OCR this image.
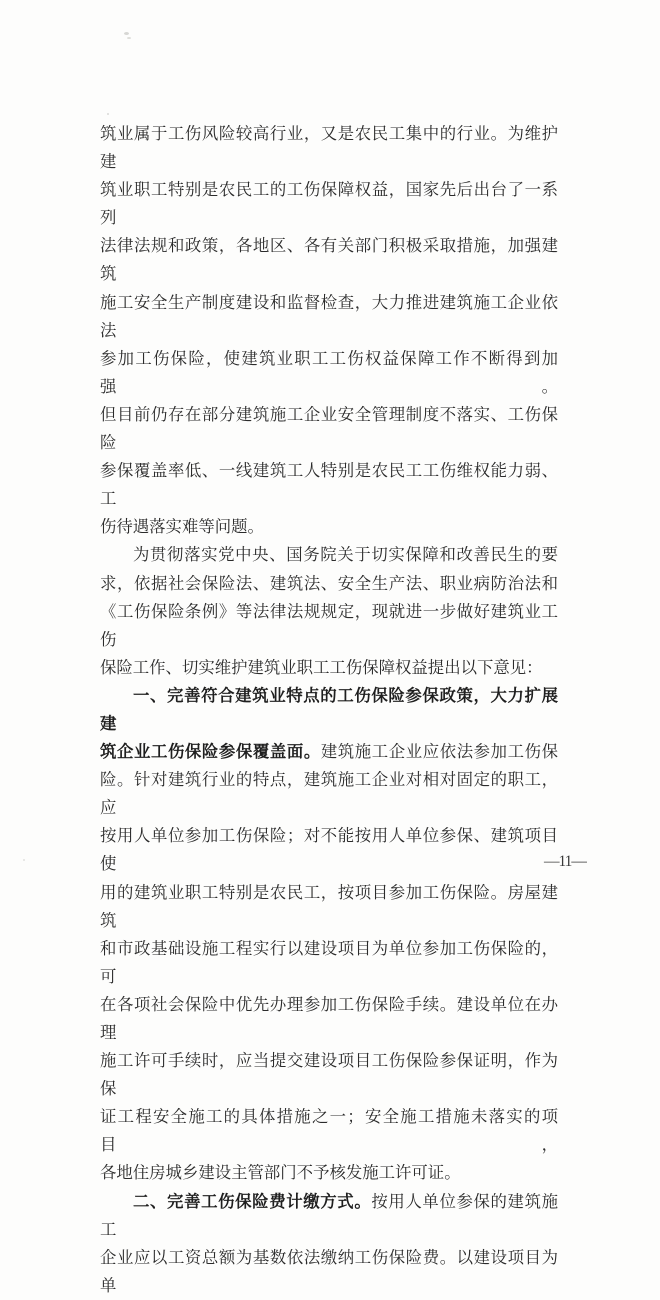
筑业属于工伤风险较高行业，又是农民工集中的行业。为维护建
筑业职工特别是农民工的工伤保障权益，国家先后出台了一系列
法律法规和政策，各地区、各有关部门积极采取措施，加强建筑
施工安全生产制度建设和监督检查，大力推进建筑施工企业依法
参加工伤保险，使建筑业职工工伤权益保障工作不断得到加强。
但目前仍存在部分建筑施工企业安全管理制度不落实、工伤保险
参保覆盖率低、一线建筑工人特别是农民工工伤维权能力弱、工
伤待遇落实难等问题。
为贯彻落实党中央、国务院关于切实保障和改善民生的要
求，依据社会保险法、建筑法、安全生产法、职业病防治法和
《工伤保险条例》等法律法规规定，现就进一步做好建筑业工伤
保险工作、切实维护建筑业职工工伤保障权益提出以下意见：
一、完善符合建筑业特点的工伤保险参保政策，大力扩展建
筑企业工伤保险参保覆盖面。建筑施工企业应依法参加工伤保
险。针对建筑行业的特点，建筑施工企业对相对固定的职工，应
按用人单位参加工伤保险；对不能按用人单位参保、建筑项目使
用的建筑业职工特别是农民工，按项目参加工伤保险。房屋建筑
和市政基础设施工程实行以建设项目为单位参加工伤保险的，可
在各项社会保险中优先办理参加工伤保险手续。建设单位在办理
施工许可手续时，应当提交建设项目工伤保险参保证明，作为保
证工程安全施工的具体措施之一；安全施工措施未落实的项目，
各地住房城乡建设主管部门不予核发施工许可证。
二、完善工伤保险费计缴方式。按用人单位参保的建筑施工
企业应以工资总额为基数依法缴纳工伤保险费。以建设项目为单
—11—
